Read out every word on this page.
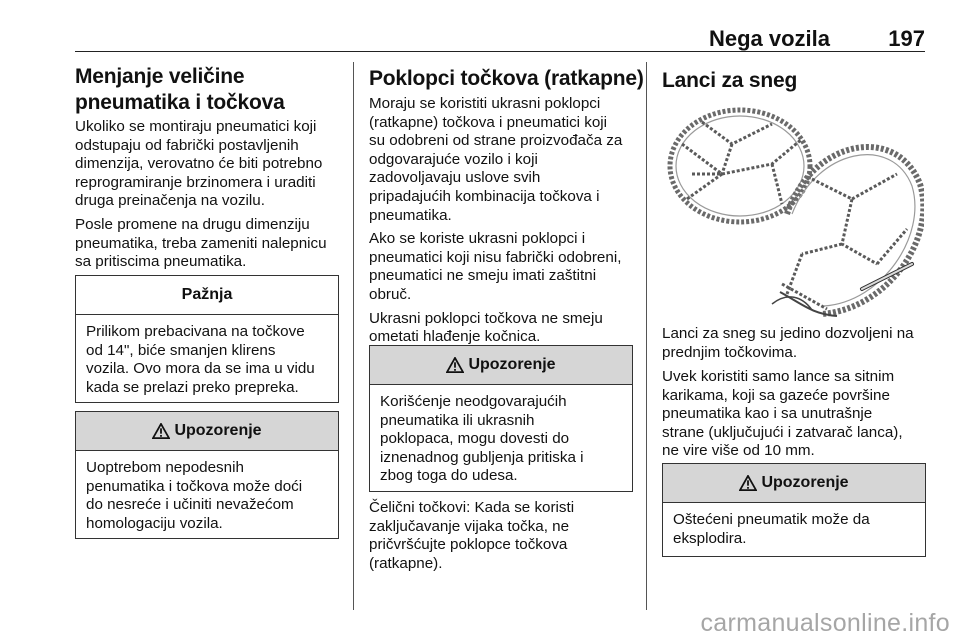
Nega vozila	197
Menjanje veličine
pneumatika i točkova

Ukoliko se montiraju pneumatici koji
odstupaju od fabrički postavljenih
dimenzija, verovatno će biti potrebno
reprogramiranje brzinomera i uraditi
druga preinačenja na vozilu.

Posle promene na drugu dimenziju
pneumatika, treba zameniti nalepnicu
sa pritiscima pneumatika.

Pažnja
Prilikom prebacivana na točkove
od 14", biće smanjen klirens
vozila. Ovo mora da se ima u vidu
kada se prelazi preko prepreka.
Upozorenje
Uoptrebom nepodesnih
penumatika i točkova može doći
do nesreće i učiniti nevažećom
homologaciju vozila.
Poklopci točkova (ratkapne)

Moraju se koristiti ukrasni poklopci
(ratkapne) točkova i pneumatici koji
su odobreni od strane proizvođača za
odgovarajuće vozilo i koji
zadovoljavaju uslove svih
pripadajućih kombinacija točkova i
pneumatika.

Ako se koriste ukrasni poklopci i
pneumatici koji nisu fabrički odobreni,
pneumatici ne smeju imati zaštitni
obruč.

Ukrasni poklopci točkova ne smeju
ometati hlađenje kočnica.

Upozorenje
Korišćenje neodgovarajućih
pneumatika ili ukrasnih
poklopaca, mogu dovesti do
iznenadnog gubljenja pritiska i
zbog toga do udesa.

Čelični točkovi: Kada se koristi
zaključavanje vijaka točka, ne
pričvršćujte poklopce točkova
(ratkapne).

Lanci za sneg

Lanci za sneg su jedino dozvoljeni na
prednjim točkovima.

Uvek koristiti samo lance sa sitnim
karikama, koji sa gazeće površine
pneumatika kao i sa unutrašnje
strane (uključujući i zatvarač lanca),
ne vire više od 10 mm.

Upozorenje
Oštećeni pneumatik može da
eksplodira.
carmanualsonline.info
